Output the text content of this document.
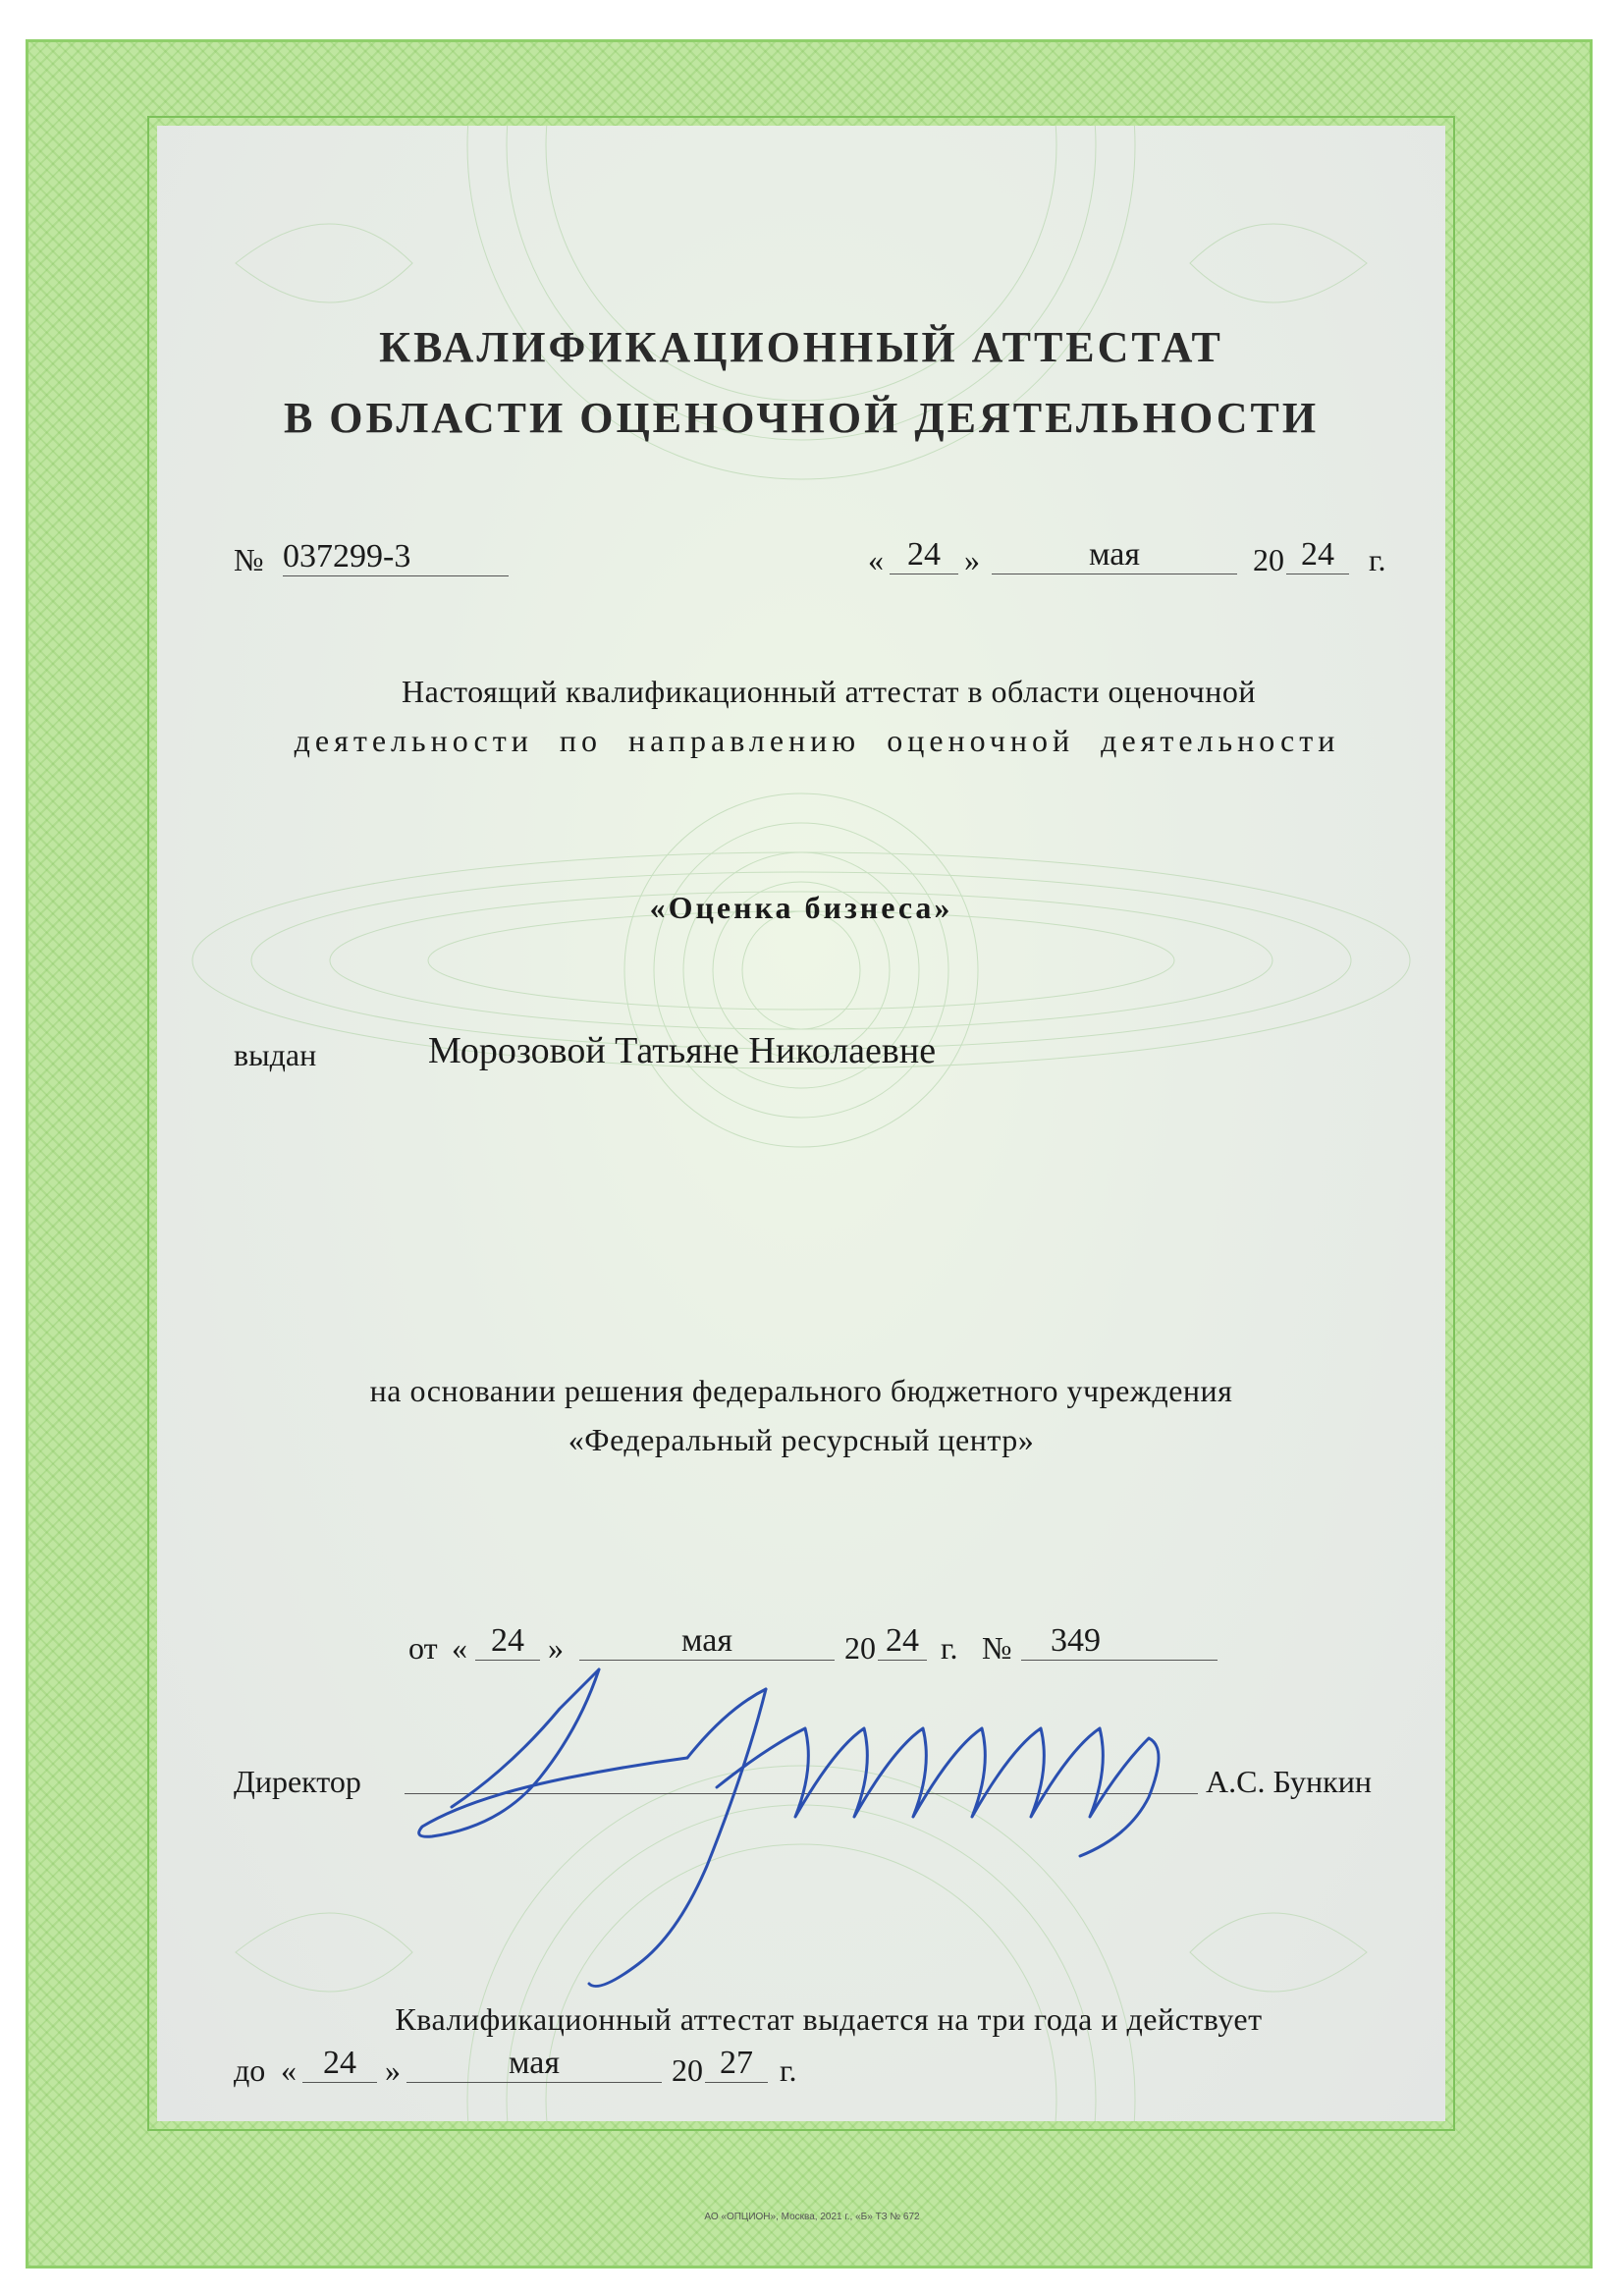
КВАЛИФИКАЦИОННЫЙ АТТЕСТАТ
В ОБЛАСТИ ОЦЕНОЧНОЙ ДЕЯТЕЛЬНОСТИ
№ 037299-3	« 24 »	мая	20 24	г.
Настоящий квалификационный аттестат в области оценочной
деятельности по направлению оценочной деятельности
«Оценка бизнеса»
выдан	Морозовой Татьяне Николаевне
на основании решения федерального бюджетного учреждения
«Федеральный ресурсный центр»
от « 24 »	мая	20 24 г. №	349
Директор	А.С. Бункин
Квалификационный аттестат выдается на три года и действует
до « 24 »	мая	20 27 г.
АО «ОПЦИОН», Москва, 2021 г., «Б» ТЗ № 672
